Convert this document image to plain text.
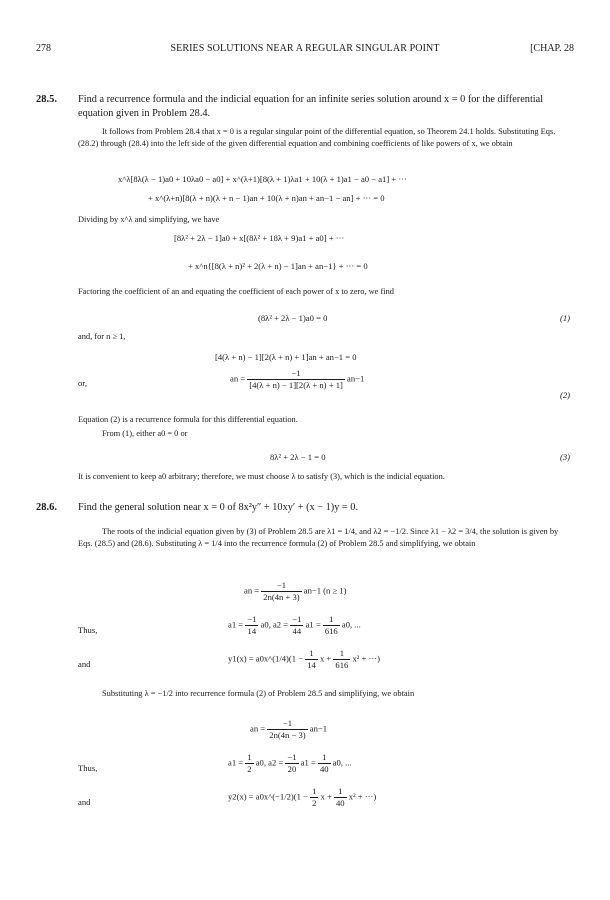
278	SERIES SOLUTIONS NEAR A REGULAR SINGULAR POINT	[CHAP. 28
28.5. Find a recurrence formula and the indicial equation for an infinite series solution around x = 0 for the differential equation given in Problem 28.4.
It follows from Problem 28.4 that x = 0 is a regular singular point of the differential equation, so Theorem 24.1 holds. Substituting Eqs. (28.2) through (28.4) into the left side of the given differential equation and combining coefficients of like powers of x, we obtain
x^λ[8λ(λ − 1)a0 + 10λa0 − a0] + x^(λ+1)[8(λ + 1)λa1 + 10(λ + 1)a1 − a0 − a1] + ···
+ x^(λ+n)[8(λ + n)(λ + n − 1)an + 10(λ + n)an + an−1 − an] + ··· = 0
Dividing by x^λ and simplifying, we have
[8λ² + 2λ − 1]a0 + x[(8λ² + 18λ + 9)a1 + a0] + ···
+ x^n{[8(λ + n)² + 2(λ + n) − 1]an + an−1} + ··· = 0
Factoring the coefficient of an and equating the coefficient of each power of x to zero, we find
(8λ² + 2λ − 1)a0 = 0	(1)
and, for n ≥ 1,
[4(λ + n) − 1][2(λ + n) + 1]an + an−1 = 0
or,	an = $\frac{-1}{[4(\lambda + n) - 1][2(\lambda + n) + 1]} an-1$
(2)
Equation (2) is a recurrence formula for this differential equation.
From (1), either a0 = 0 or
8λ² + 2λ − 1 = 0	(3)
It is convenient to keep a0 arbitrary; therefore, we must choose λ to satisfy (3), which is the indicial equation.
28.6. Find the general solution near x = 0 of 8x²y″ + 10xy′ + (x − 1)y = 0.
The roots of the indicial equation given by (3) of Problem 28.5 are λ1 = 1/4, and λ2 = −1/2. Since λ1 − λ2 = 3/4, the solution is given by Eqs. (28.5) and (28.6). Substituting λ = 1/4 into the recurrence formula (2) of Problem 28.5 and simplifying, we obtain
an = $\frac{-1}{2n(4n + 3)} an-1$ (n ≥ 1)
Thus,
$a1 = \frac{-1}{14} a0$, $a2 = \frac{-1}{44} a1 = \frac{1}{616} a0$, ...
and
y1(x) = a0x^(1/4)(1 − $\frac{1}{14}$ $x + \frac{1}{616} x^2$ + ···)
Substituting λ = −1/2 into recurrence formula (2) of Problem 28.5 and simplifying, we obtain
an = $\frac{-1}{2n(4n - 3)} an-1$
Thus,
$a1 = \frac{1}{2} a0$, $a2 = \frac{-1}{20} a1 = \frac{1}{40} a0$, ...
and
y2(x) = a0x^(−1/2)(1 − $\frac{1}{2}$ $x + \frac{1}{40} x^2$ + ···)
